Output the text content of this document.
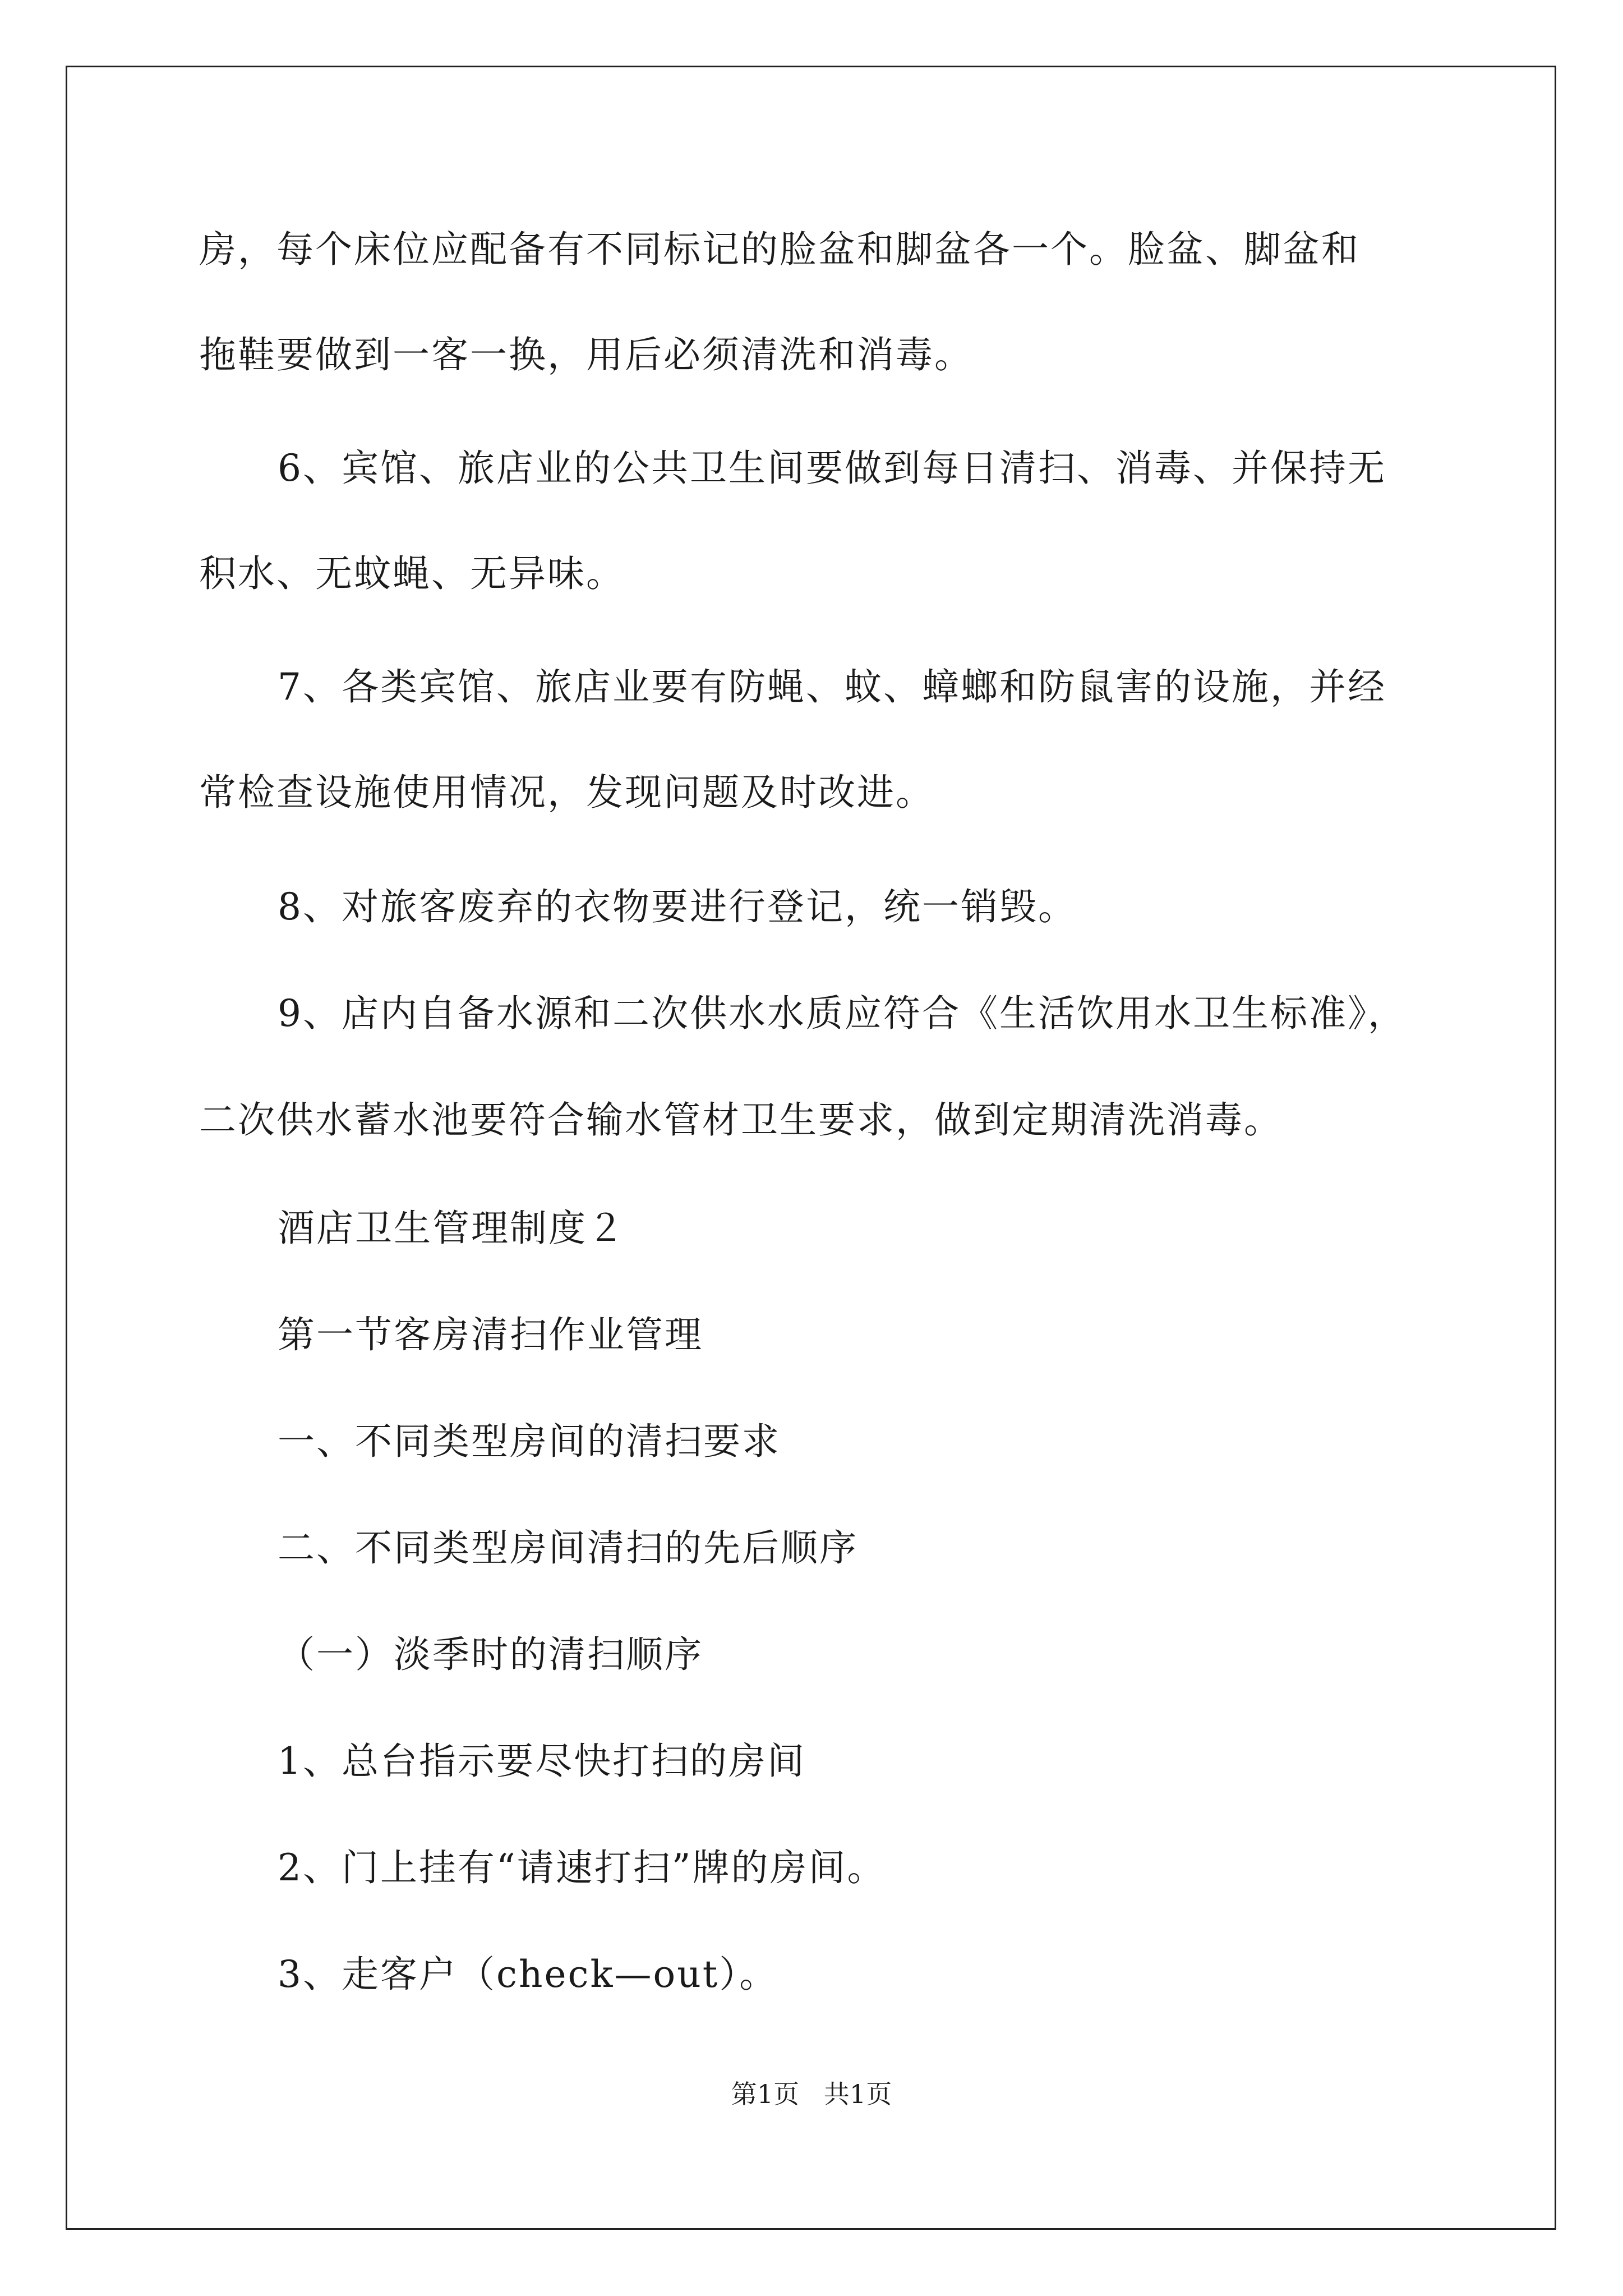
房，每个床位应配备有不同标记的脸盆和脚盆各一个。脸盆、脚盆和
拖鞋要做到一客一换，用后必须清洗和消毒。
6、宾馆、旅店业的公共卫生间要做到每日清扫、消毒、并保持无
积水、无蚊蝇、无异味。
7、各类宾馆、旅店业要有防蝇、蚊、蟑螂和防鼠害的设施，并经
常检查设施使用情况，发现问题及时改进。
8、对旅客废弃的衣物要进行登记，统一销毁。
9、店内自备水源和二次供水水质应符合《生活饮用水卫生标准》，
二次供水蓄水池要符合输水管材卫生要求，做到定期清洗消毒。
酒店卫生管理制度２
第一节客房清扫作业管理
一、不同类型房间的清扫要求
二、不同类型房间清扫的先后顺序
（一）淡季时的清扫顺序
1、总台指示要尽快打扫的房间
2、门上挂有“请速打扫”牌的房间。
3、走客户（check—out）。
第1页   共1页
